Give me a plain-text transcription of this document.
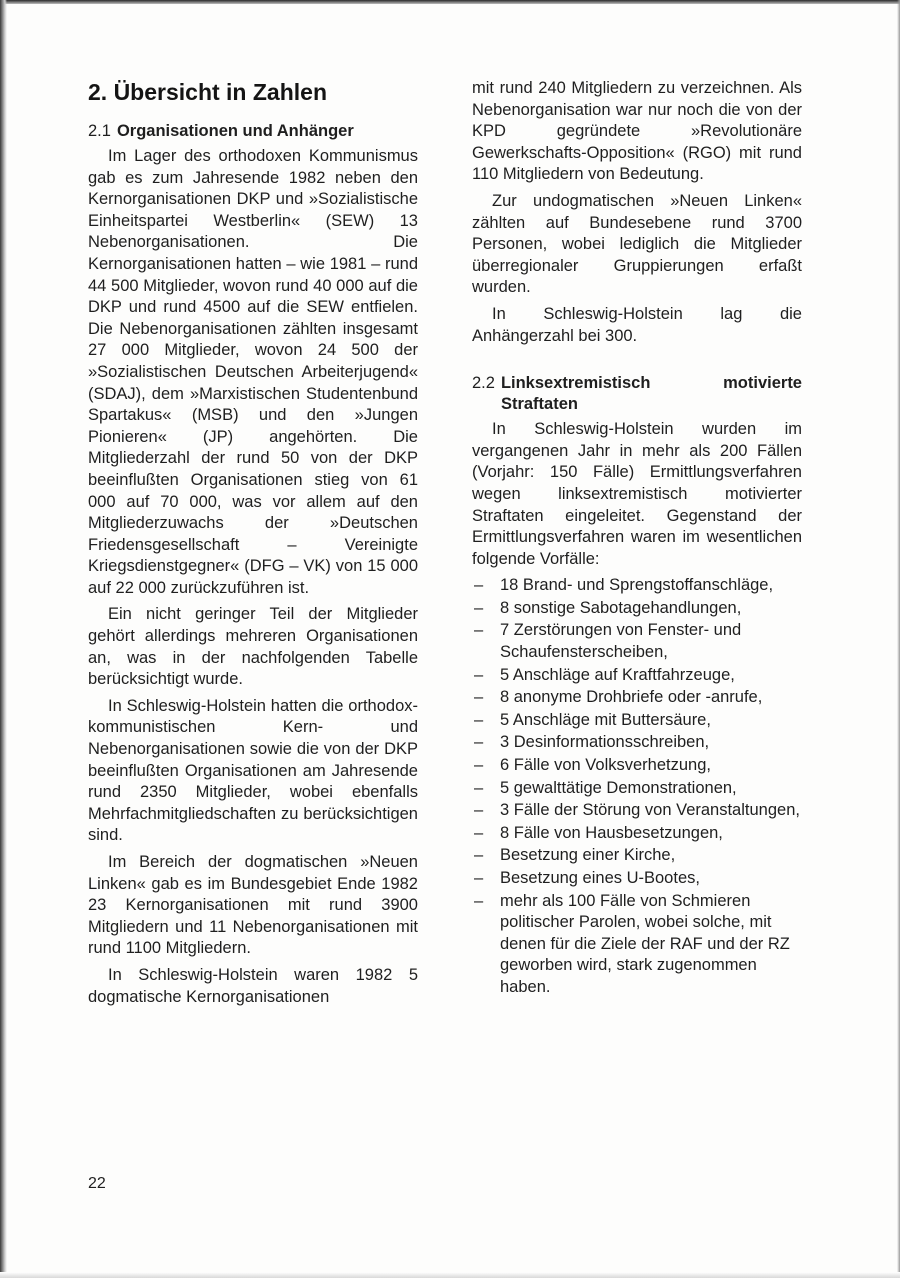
2. Übersicht in Zahlen
2.1 Organisationen und Anhänger

Im Lager des orthodoxen Kommunismus gab es zum Jahresende 1982 neben den Kernorganisationen DKP und »Sozialistische Einheitspartei Westberlin« (SEW) 13 Nebenorganisationen. Die Kernorganisationen hatten – wie 1981 – rund 44 500 Mitglieder, wovon rund 40 000 auf die DKP und rund 4500 auf die SEW entfielen. Die Nebenorganisationen zählten insgesamt 27 000 Mitglieder, wovon 24 500 der »Sozialistischen Deutschen Arbeiterjugend« (SDAJ), dem »Marxistischen Studentenbund Spartakus« (MSB) und den »Jungen Pionieren« (JP) angehörten. Die Mitgliederzahl der rund 50 von der DKP beeinflußten Organisationen stieg von 61 000 auf 70 000, was vor allem auf den Mitgliederzuwachs der »Deutschen Friedensgesellschaft – Vereinigte Kriegsdienstgegner« (DFG – VK) von 15 000 auf 22 000 zurückzuführen ist.

Ein nicht geringer Teil der Mitglieder gehört allerdings mehreren Organisationen an, was in der nachfolgenden Tabelle berücksichtigt wurde.

In Schleswig-Holstein hatten die orthodox-kommunistischen Kern- und Nebenorganisationen sowie die von der DKP beeinflußten Organisationen am Jahresende rund 2350 Mitglieder, wobei ebenfalls Mehrfachmitgliedschaften zu berücksichtigen sind.

Im Bereich der dogmatischen »Neuen Linken« gab es im Bundesgebiet Ende 1982 23 Kernorganisationen mit rund 3900 Mitgliedern und 11 Nebenorganisationen mit rund 1100 Mitgliedern.

In Schleswig-Holstein waren 1982 5 dogmatische Kernorganisationen

mit rund 240 Mitgliedern zu verzeichnen. Als Nebenorganisation war nur noch die von der KPD gegründete »Revolutionäre Gewerkschafts-Opposition« (RGO) mit rund 110 Mitgliedern von Bedeutung.

Zur undogmatischen »Neuen Linken« zählten auf Bundesebene rund 3700 Personen, wobei lediglich die Mitglieder überregionaler Gruppierungen erfaßt wurden.

In Schleswig-Holstein lag die Anhängerzahl bei 300.

2.2 Linksextremistisch motivierte Straftaten

In Schleswig-Holstein wurden im vergangenen Jahr in mehr als 200 Fällen (Vorjahr: 150 Fälle) Ermittlungsverfahren wegen linksextremistisch motivierter Straftaten eingeleitet. Gegenstand der Ermittlungsverfahren waren im wesentlichen folgende Vorfälle:

– 18 Brand- und Sprengstoffanschläge,
– 8 sonstige Sabotagehandlungen,
– 7 Zerstörungen von Fenster- und Schaufensterscheiben,
– 5 Anschläge auf Kraftfahrzeuge,
– 8 anonyme Drohbriefe oder -anrufe,
– 5 Anschläge mit Buttersäure,
– 3 Desinformationsschreiben,
– 6 Fälle von Volksverhetzung,
– 5 gewalttätige Demonstrationen,
– 3 Fälle der Störung von Veranstaltungen,
– 8 Fälle von Hausbesetzungen,
– Besetzung einer Kirche,
– Besetzung eines U-Bootes,
– mehr als 100 Fälle von Schmieren politischer Parolen, wobei solche, mit denen für die Ziele der RAF und der RZ geworben wird, stark zugenommen haben.
22
